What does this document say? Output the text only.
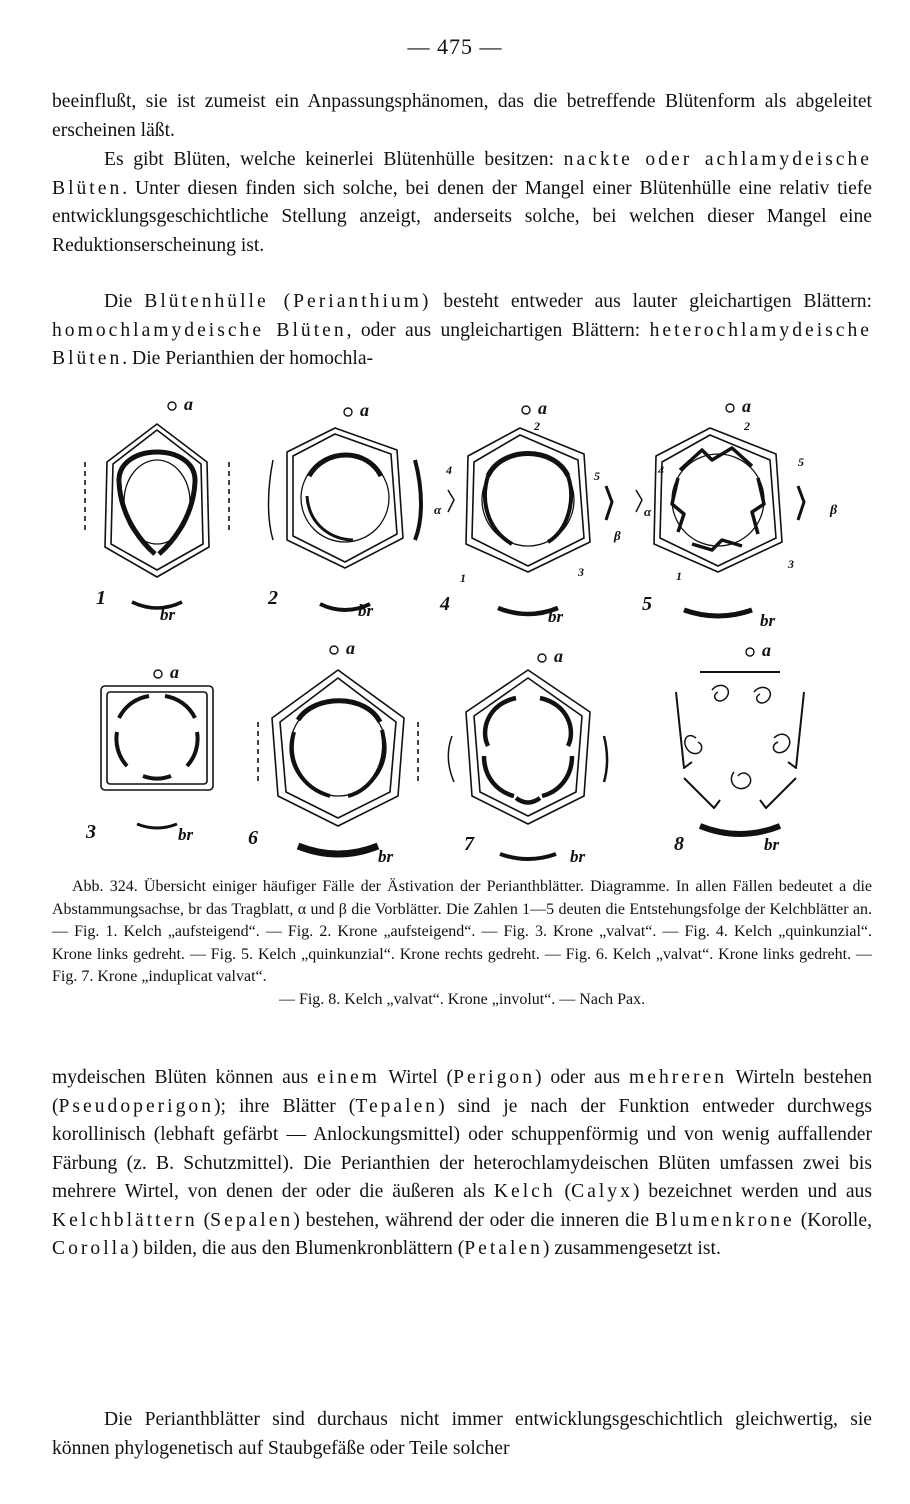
— 475 —

beeinflußt, sie ist zumeist ein Anpassungsphänomen, das die betreffende Blütenform als abgeleitet erscheinen läßt.

Es gibt Blüten, welche keinerlei Blütenhülle besitzen: nackte oder achlamydeische Blüten. Unter diesen finden sich solche, bei denen der Mangel einer Blütenhülle eine relativ tiefe entwicklungsgeschichtliche Stellung anzeigt, anderseits solche, bei welchen dieser Mangel eine Reduktionserscheinung ist.

Die Blütenhülle (Perianthium) besteht entweder aus lauter gleichartigen Blättern: homochlamydeische Blüten, oder aus ungleichartigen Blättern: heterochlamydeische Blüten. Die Perianthien der homochla-

1	2	4	5
3	6	7	8
br	br	br	br
br
br	br
br
a	a	a	a
a
a	a	a
α
β
α	β
1
2
3
4	5
1
2
3
4
5

Abb. 324. Übersicht einiger häufiger Fälle der Ästivation der Perianthblätter. Diagramme. In allen Fällen bedeutet a die Abstammungsachse, br das Tragblatt, α und β die Vorblätter. Die Zahlen 1—5 deuten die Entstehungsfolge der Kelchblätter an. — Fig. 1. Kelch „aufsteigend“. — Fig. 2. Krone „aufsteigend“. — Fig. 3. Krone „valvat“. — Fig. 4. Kelch „quinkunzial“. Krone links gedreht. — Fig. 5. Kelch „quinkunzial“. Krone rechts gedreht. — Fig. 6. Kelch „valvat“. Krone links gedreht. — Fig. 7. Krone „induplicat valvat“.

— Fig. 8. Kelch „valvat“. Krone „involut“. — Nach Pax.

mydeischen Blüten können aus einem Wirtel (Perigon) oder aus mehreren Wirteln bestehen (Pseudoperigon); ihre Blätter (Tepalen) sind je nach der Funktion entweder durchwegs korollinisch (lebhaft gefärbt — Anlockungsmittel) oder schuppenförmig und von wenig auffallender Färbung (z. B. Schutzmittel). Die Perianthien der heterochlamydeischen Blüten umfassen zwei bis mehrere Wirtel, von denen der oder die äußeren als Kelch (Calyx) bezeichnet werden und aus Kelchblättern (Sepalen) bestehen, während der oder die inneren die Blumenkrone (Korolle, Corolla) bilden, die aus den Blumenkronblättern (Petalen) zusammengesetzt ist.

Die Perianthblätter sind durchaus nicht immer entwicklungsgeschichtlich gleichwertig, sie können phylogenetisch auf Staubgefäße oder Teile solcher
